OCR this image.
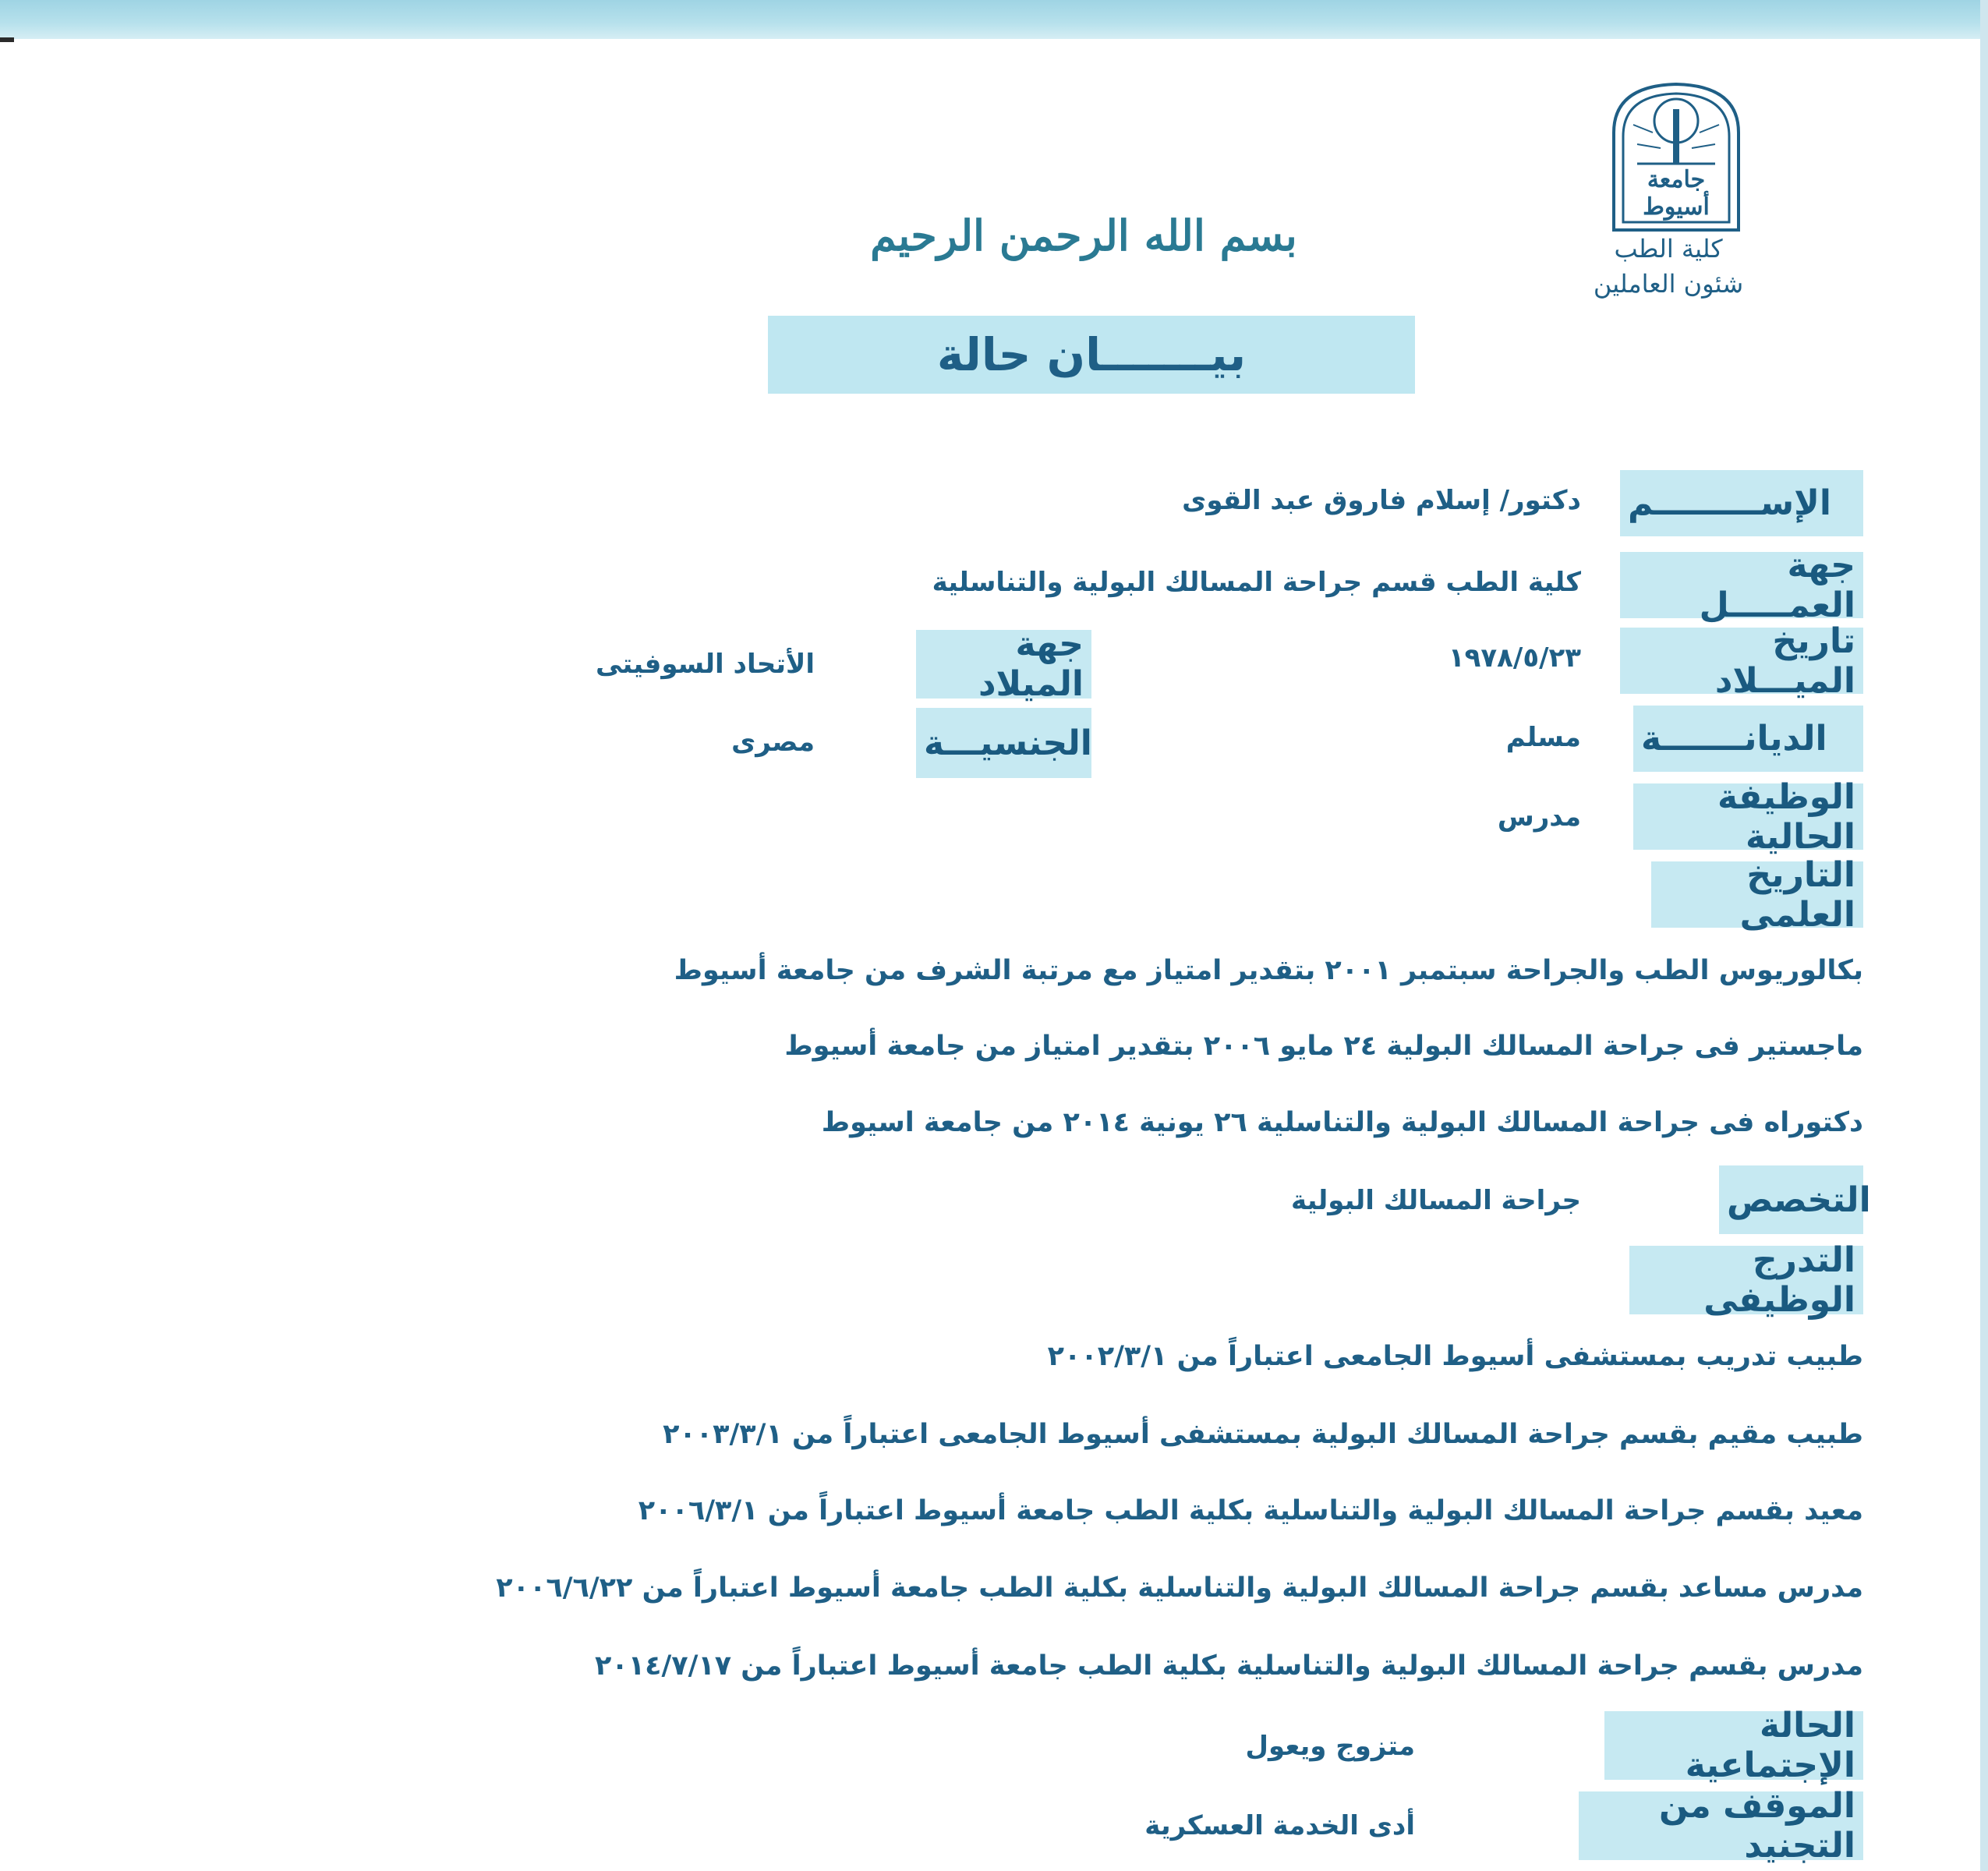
جامعة
أسيوط
كلية الطب
شئون العاملين
بسم الله الرحمن الرحيم
بيـــــــان حالة
الإســـــــــم
دكتور/ إسلام فاروق عبد القوى
جهة العمـــــل
كلية الطب قسم جراحة المسالك البولية والتناسلية
تاريخ الميـــلاد
١٩٧٨/٥/٢٣
جهة الميلاد
الأتحاد السوفيتى
الديانـــــــة
مسلم
الجنسيـــة
مصرى
الوظيفة الحالية
مدرس
التاريخ العلمى
بكالوريوس الطب والجراحة سبتمبر ٢٠٠١ بتقدير امتياز مع مرتبة الشرف من جامعة أسيوط
ماجستير فى جراحة المسالك البولية ٢٤ مايو ٢٠٠٦ بتقدير امتياز من جامعة أسيوط
دكتوراه فى جراحة المسالك البولية والتناسلية ٢٦ يونية ٢٠١٤ من جامعة اسيوط
التخصص
جراحة المسالك البولية
التدرج الوظيفى
طبيب تدريب بمستشفى أسيوط الجامعى اعتباراً من ٢٠٠٢/٣/١
طبيب مقيم بقسم جراحة المسالك البولية بمستشفى أسيوط الجامعى اعتباراً من ٢٠٠٣/٣/١
معيد بقسم جراحة المسالك البولية والتناسلية بكلية الطب جامعة أسيوط اعتباراً من ٢٠٠٦/٣/١
مدرس مساعد بقسم جراحة المسالك البولية والتناسلية بكلية الطب جامعة أسيوط اعتباراً من ٢٠٠٦/٦/٢٢
مدرس بقسم جراحة المسالك البولية والتناسلية بكلية الطب جامعة أسيوط اعتباراً من ٢٠١٤/٧/١٧
الحالة الإجتماعية
متزوج ويعول
الموقف من التجنيد
أدى الخدمة العسكرية
